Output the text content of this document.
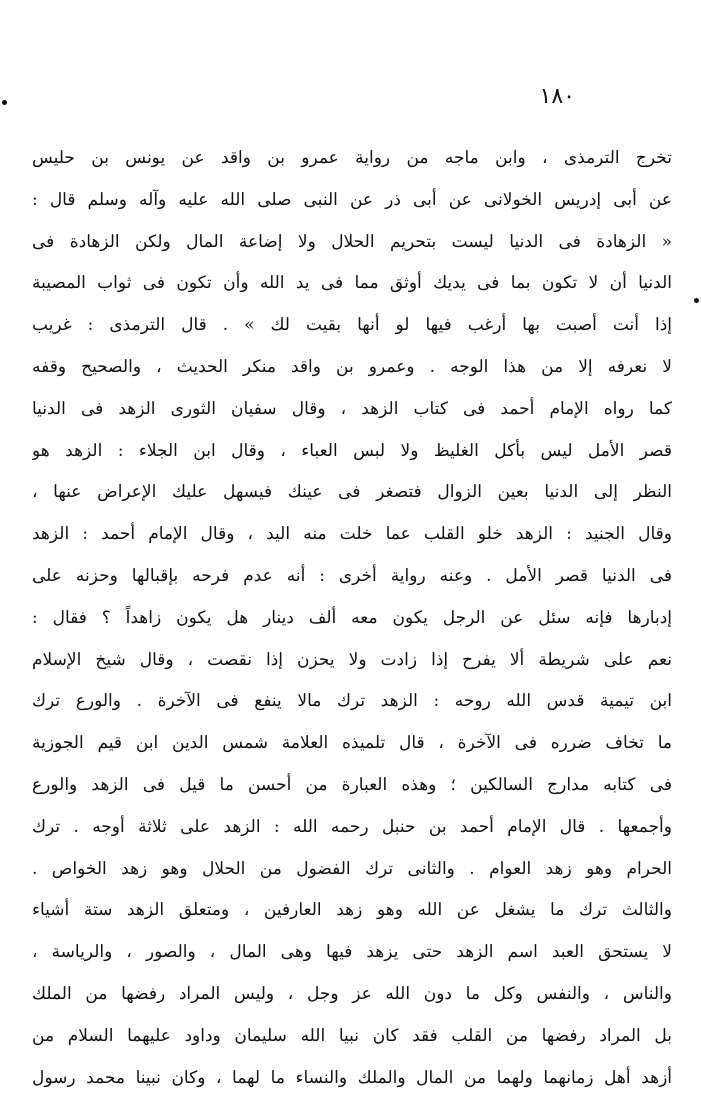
١٨٠
تخرج الترمذى ، وابن ماجه من رواية عمرو بن واقد عن يونس بن حليس
عن أبى إدريس الخولانى عن أبى ذر عن النبى صلى الله عليه وآله وسلم قال :
« الزهادة فى الدنيا ليست بتحريم الحلال ولا إضاعة المال ولكن الزهادة فى
الدنيا أن لا تكون بما فى يديك أوثق مما فى يد الله وأن تكون فى ثواب المصيبة
إذا أنت أصبت بها أرغب فيها لو أنها بقيت لك » . قال الترمذى : غريب
لا نعرفه إلا من هذا الوجه . وعمرو بن واقد منكر الحديث ، والصحيح وقفه
كما رواه الإمام أحمد فى كتاب الزهد ، وقال سفيان الثورى الزهد فى الدنيا
قصر الأمل ليس بأكل الغليظ ولا لبس العباء ، وقال ابن الجلاء : الزهد هو
النظر إلى الدنيا بعين الزوال فتصغر فى عينك فيسهل عليك الإعراض عنها ،
وقال الجنيد : الزهد خلو القلب عما خلت منه اليد ، وقال الإمام أحمد : الزهد
فى الدنيا قصر الأمل . وعنه رواية أخرى : أنه عدم فرحه بإقبالها وحزنه على
إدبارها فإنه سئل عن الرجل يكون معه ألف دينار هل يكون زاهداً ؟ فقال :
نعم على شريطة ألا يفرح إذا زادت ولا يحزن إذا نقصت ، وقال شيخ الإسلام
ابن تيمية قدس الله روحه : الزهد ترك مالا ينفع فى الآخرة . والورع ترك
ما تخاف ضرره فى الآخرة ، قال تلميذه العلامة شمس الدين ابن قيم الجوزية
فى كتابه مدارج السالكين ؛ وهذه العبارة من أحسن ما قيل فى الزهد والورع
وأجمعها . قال الإمام أحمد بن حنبل رحمه الله : الزهد على ثلاثة أوجه . ترك
الحرام وهو زهد العوام . والثانى ترك الفضول من الحلال وهو زهد الخواص .
والثالث ترك ما يشغل عن الله وهو زهد العارفين ، ومتعلق الزهد ستة أشياء
لا يستحق العبد اسم الزهد حتى يزهد فيها وهى المال ، والصور ، والرياسة ،
والناس ، والنفس وكل ما دون الله عز وجل ، وليس المراد رفضها من الملك
بل المراد رفضها من القلب فقد كان نبيا الله سليمان وداود عليهما السلام من
أزهد أهل زمانهما ولهما من المال والملك والنساء ما لهما ، وكان نبينا محمد رسول
